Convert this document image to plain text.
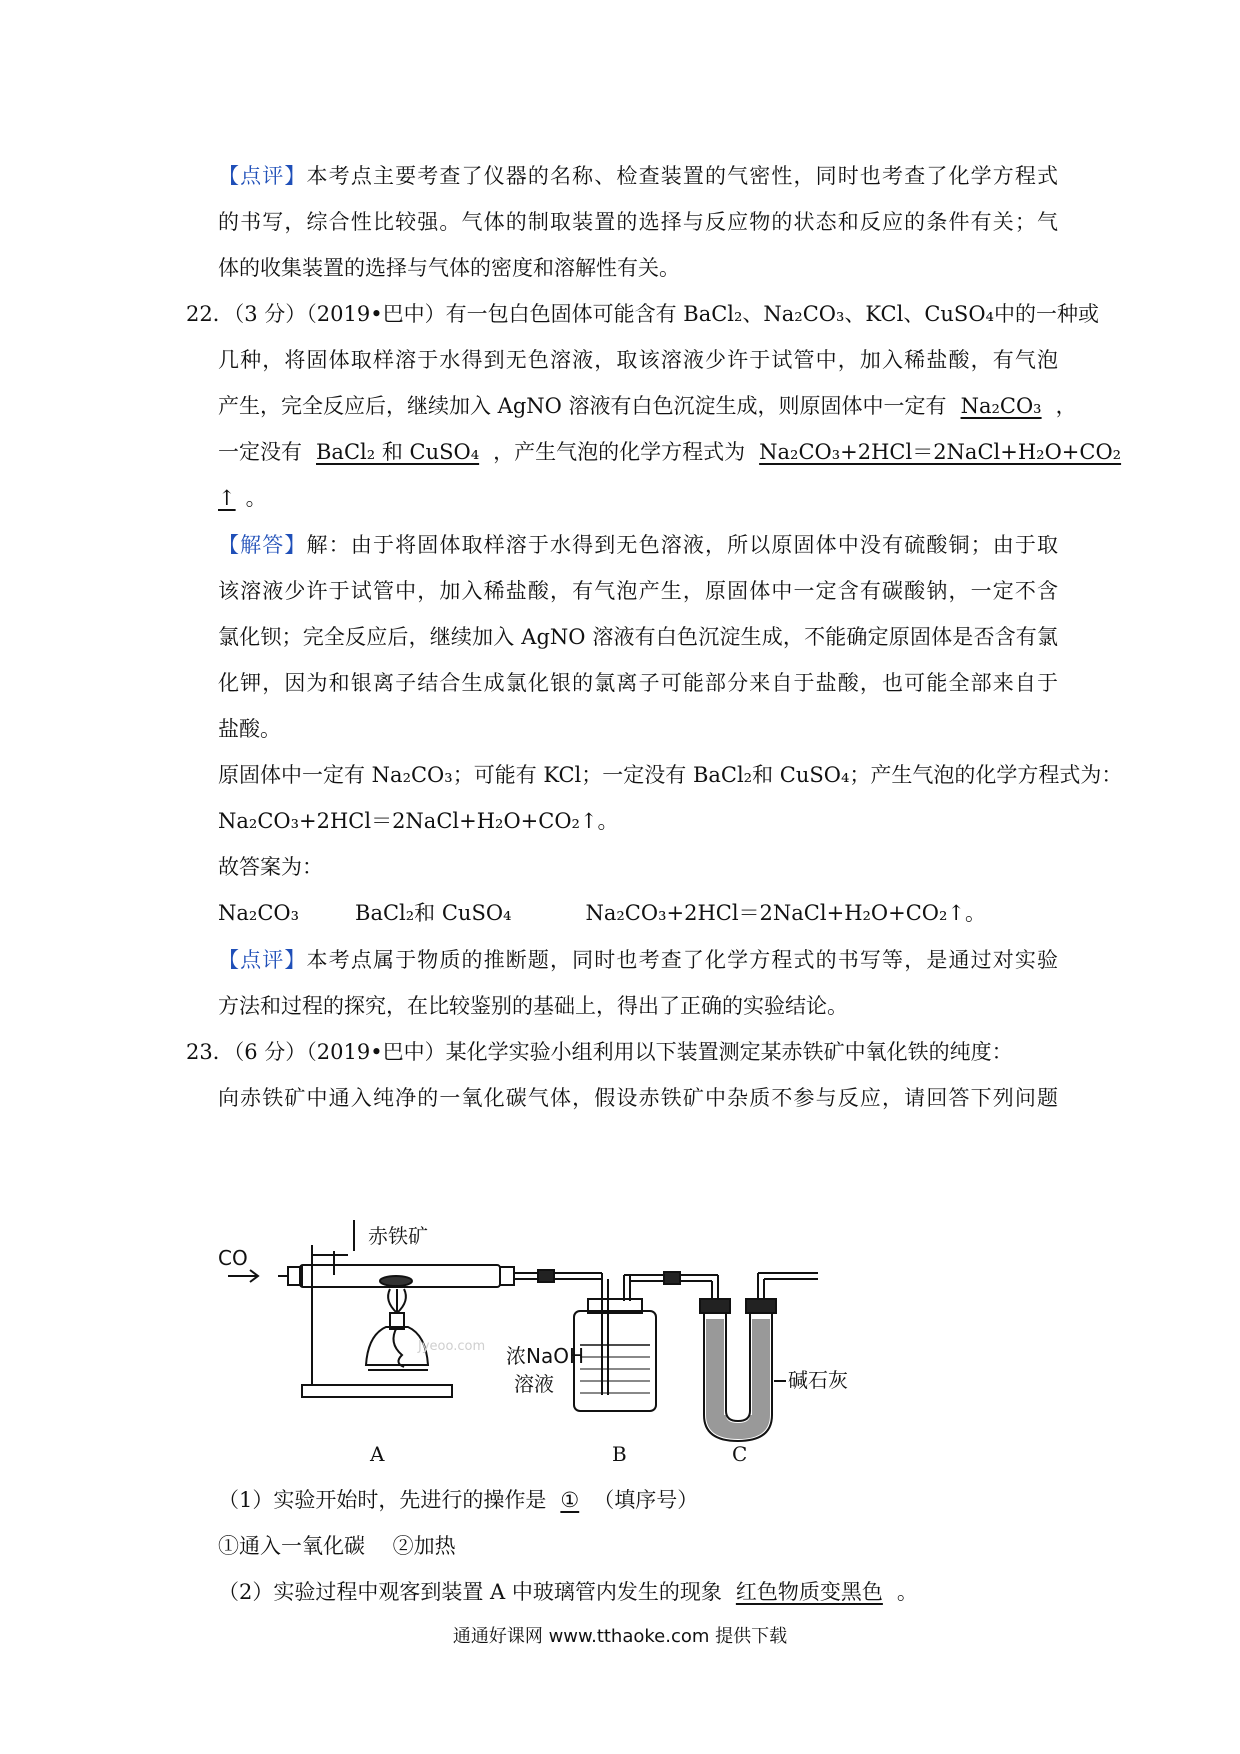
【点评】本考点主要考查了仪器的名称、检查装置的气密性，同时也考查了化学方程式
的书写，综合性比较强。气体的制取装置的选择与反应物的状态和反应的条件有关；气
体的收集装置的选择与气体的密度和溶解性有关。
22．（3 分）（2019•巴中）有一包白色固体可能含有 BaCl₂、Na₂CO₃、KCl、CuSO₄中的一种或
几种，将固体取样溶于水得到无色溶液，取该溶液少许于试管中，加入稀盐酸，有气泡
产生，完全反应后，继续加入 AgNO 溶液有白色沉淀生成，则原固体中一定有 Na₂CO₃ ，
一定没有 BaCl₂ 和 CuSO₄ ，产生气泡的化学方程式为 Na₂CO₃+2HCl＝2NaCl+H₂O+CO₂
↑ 。
【解答】解：由于将固体取样溶于水得到无色溶液，所以原固体中没有硫酸铜；由于取
该溶液少许于试管中，加入稀盐酸，有气泡产生，原固体中一定含有碳酸钠，一定不含
氯化钡；完全反应后，继续加入 AgNO 溶液有白色沉淀生成，不能确定原固体是否含有氯
化钾，因为和银离子结合生成氯化银的氯离子可能部分来自于盐酸，也可能全部来自于
盐酸。
原固体中一定有 Na₂CO₃；可能有 KCl；一定没有 BaCl₂和 CuSO₄；产生气泡的化学方程式为：
Na₂CO₃+2HCl＝2NaCl+H₂O+CO₂↑。
故答案为：
Na₂CO₃	BaCl₂和 CuSO₄	Na₂CO₃+2HCl＝2NaCl+H₂O+CO₂↑。
【点评】本考点属于物质的推断题，同时也考查了化学方程式的书写等，是通过对实验
方法和过程的探究，在比较鉴别的基础上，得出了正确的实验结论。
23．（6 分）（2019•巴中）某化学实验小组利用以下装置测定某赤铁矿中氧化铁的纯度：
向赤铁矿中通入纯净的一氧化碳气体，假设赤铁矿中杂质不参与反应，请回答下列问题
CO
赤铁矿
浓NaOH
溶液	碱石灰
A	B	C
Jyeoo.com
（1）实验开始时，先进行的操作是 ① （填序号）
①通入一氧化碳　 ②加热
（2）实验过程中观客到装置 A 中玻璃管内发生的现象 红色物质变黑色 。
通通好课网 www.tthaoke.com 提供下载
